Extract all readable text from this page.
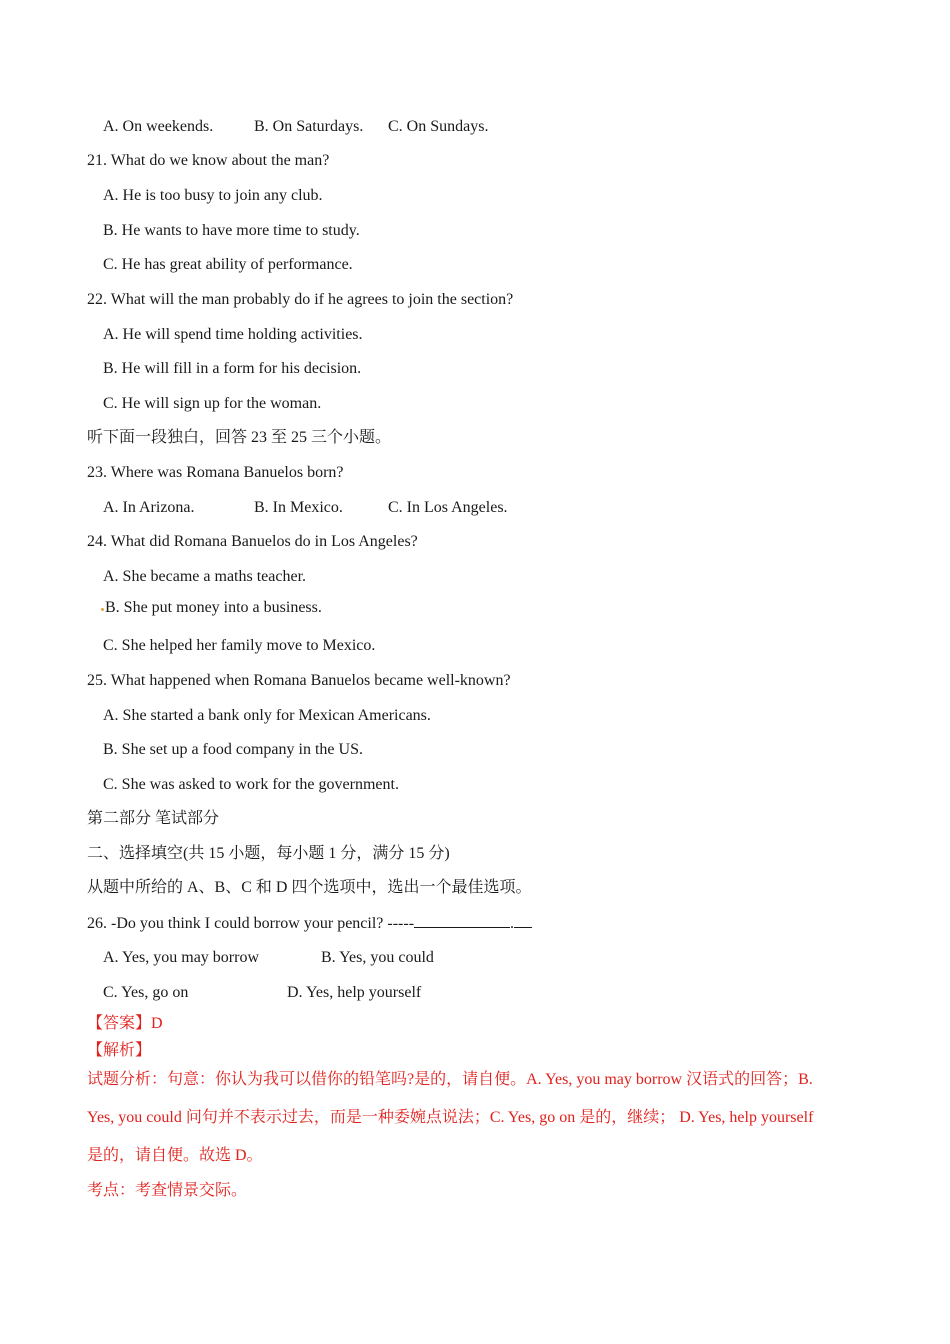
A. On weekends.	B. On Saturdays. C. On Sundays.
21. What do we know about the man?
A. He is too busy to join any club.
B. He wants to have more time to study.
C. He has great ability of performance.
22. What will the man probably do if he agrees to join the section?
A. He will spend time holding activities.
B. He will fill in a form for his decision.
C. He will sign up for the woman.
听下面一段独白，回答 23 至 25 三个小题。
23. Where was Romana Banuelos born?
A. In Arizona.	B. In Mexico.	C. In Los Angeles.
24. What did Romana Banuelos do in Los Angeles?
A. She became a maths teacher.
B. She put money into a business.
C. She helped her family move to Mexico.
25. What happened when Romana Banuelos became well-known?
A. She started a bank only for Mexican Americans.
B. She set up a food company in the US.
C. She was asked to work for the government.
第二部分 笔试部分
二、选择填空(共 15 小题，每小题 1 分，满分 15 分)
从题中所给的 A、B、C 和 D 四个选项中，选出一个最佳选项。
26. -Do you think I could borrow your pencil? -----	.
A. Yes, you may borrow	B. Yes, you could
C. Yes, go on	D. Yes, help yourself
【答案】D
【解析】
试题分析：句意：你认为我可以借你的铅笔吗?是的，请自便。A. Yes, you may borrow 汉语式的回答；B.
Yes, you could 问句并不表示过去，而是一种委婉点说法；C. Yes, go on 是的，继续； D. Yes, help yourself
是的，请自便。故选 D。
考点：考查情景交际。
